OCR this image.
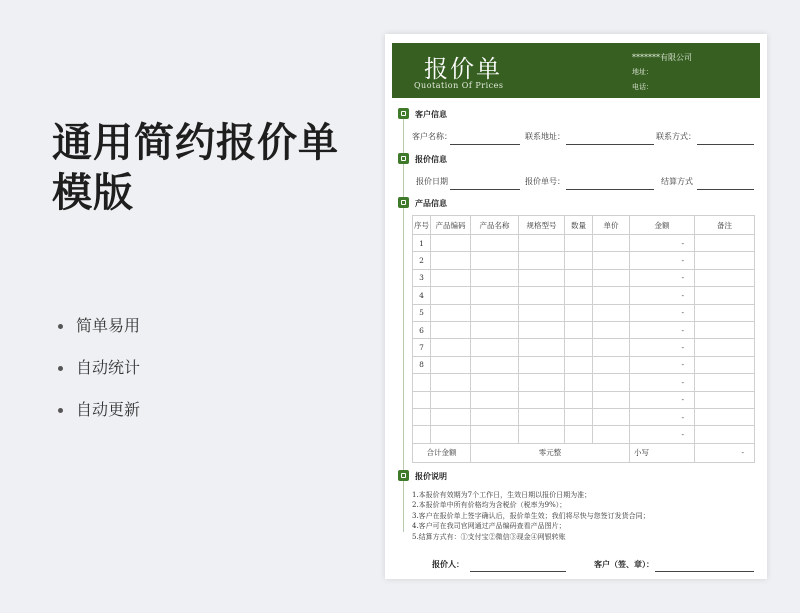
通用简约报价单模版
简单易用
自动统计
自动更新
报价单
Quotation Of Prices
*******有限公司
地址：
电话：
客户信息
客户名称：	联系地址：	联系方式：
报价信息
报价日期	报价单号：	结算方式
产品信息
序号	产品编码	产品名称	规格型号	数量	单价	金额	备注
1						-	
2						-	
3						-	
4						-	
5						-	
6						-	
7						-	
8						-	
						-	
						-	
						-	
						-	
合计金额		零元整				小写	-
报价说明
1.本报价有效期为7个工作日，生效日期以报价日期为准；
2.本报价单中所有价格均为含税价（税率为9%）；
3.客户在报价单上签字确认后，报价单生效；我们将尽快与您签订发货合同；
4.客户可在我司官网通过产品编码查看产品图片；
5.结算方式有：①支付宝②微信③现金④网银转账
报价人：	客户（签、章）：
